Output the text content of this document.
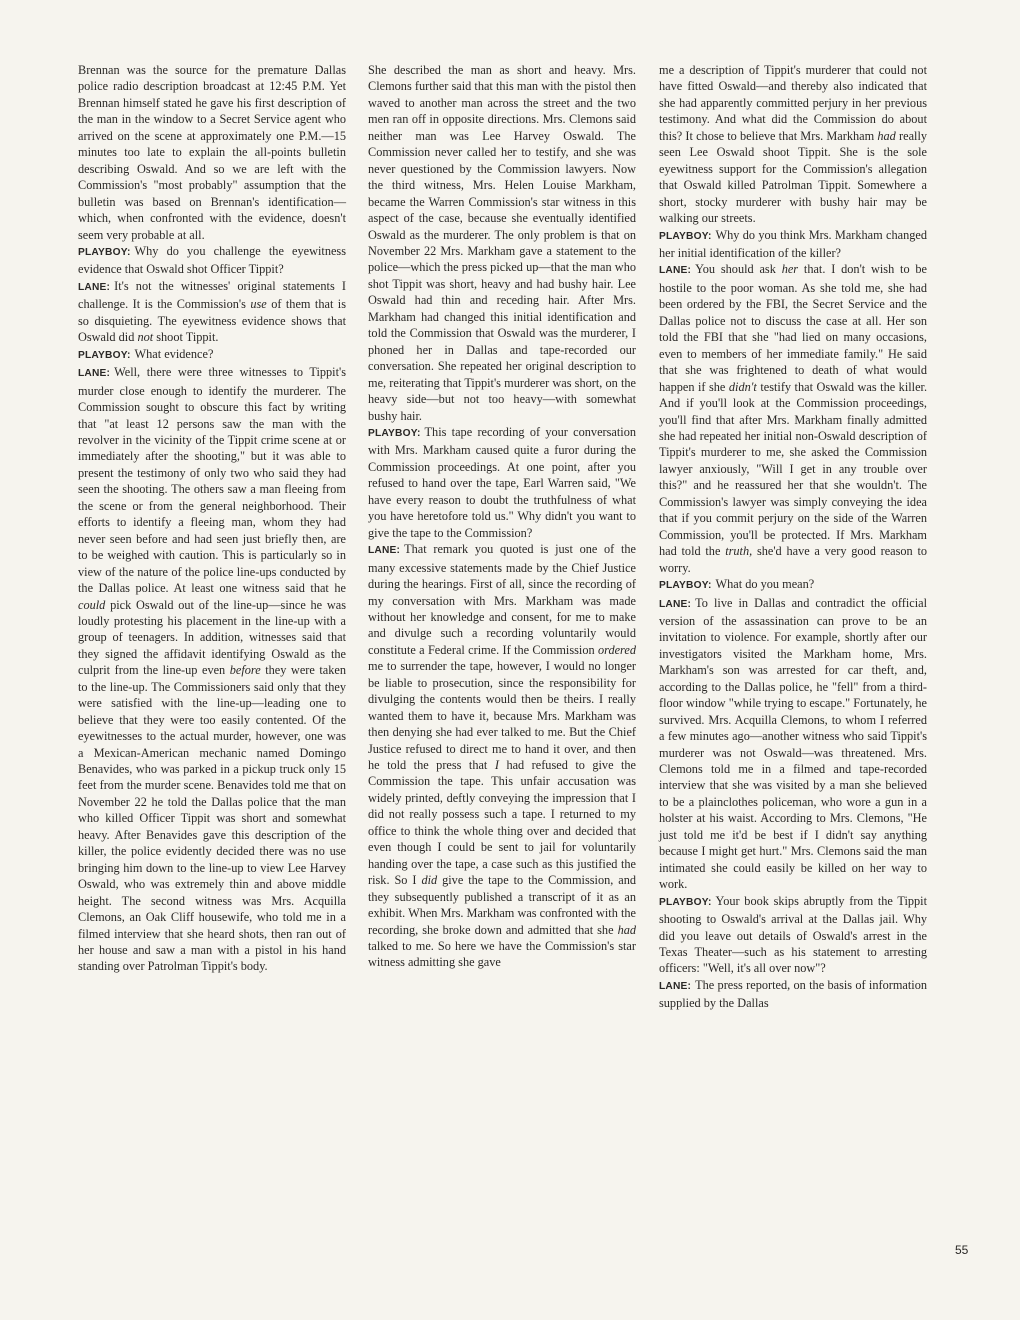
Brennan was the source for the premature Dallas police radio description broadcast at 12:45 P.M. Yet Brennan himself stated he gave his first description of the man in the window to a Secret Service agent who arrived on the scene at approximately one P.M.—15 minutes too late to explain the all-points bulletin describing Oswald. And so we are left with the Commission's "most probably" assumption that the bulletin was based on Brennan's identification—which, when confronted with the evidence, doesn't seem very probable at all.

PLAYBOY: Why do you challenge the eyewitness evidence that Oswald shot Officer Tippit?

LANE: It's not the witnesses' original statements I challenge. It is the Commission's use of them that is so disquieting. The eyewitness evidence shows that Oswald did not shoot Tippit.

PLAYBOY: What evidence?

LANE: Well, there were three witnesses to Tippit's murder close enough to identify the murderer. The Commission sought to obscure this fact by writing that "at least 12 persons saw the man with the revolver in the vicinity of the Tippit crime scene at or immediately after the shooting," but it was able to present the testimony of only two who said they had seen the shooting. The others saw a man fleeing from the scene or from the general neighborhood. Their efforts to identify a fleeing man, whom they had never seen before and had seen just briefly then, are to be weighed with caution. This is particularly so in view of the nature of the police line-ups conducted by the Dallas police. At least one witness said that he could pick Oswald out of the line-up—since he was loudly protesting his placement in the line-up with a group of teenagers. In addition, witnesses said that they signed the affidavit identifying Oswald as the culprit from the line-up even before they were taken to the line-up. The Commissioners said only that they were satisfied with the line-up—leading one to believe that they were too easily contented. Of the eyewitnesses to the actual murder, however, one was a Mexican-American mechanic named Domingo Benavides, who was parked in a pickup truck only 15 feet from the murder scene. Benavides told me that on November 22 he told the Dallas police that the man who killed Officer Tippit was short and somewhat heavy. After Benavides gave this description of the killer, the police evidently decided there was no use bringing him down to the line-up to view Lee Harvey Oswald, who was extremely thin and above middle height. The second witness was Mrs. Acquilla Clemons, an Oak Cliff housewife, who told me in a filmed interview that she heard shots, then ran out of her house and saw a man with a pistol in his hand standing over Patrolman Tippit's body.

She described the man as short and heavy. Mrs. Clemons further said that this man with the pistol then waved to another man across the street and the two men ran off in opposite directions. Mrs. Clemons said neither man was Lee Harvey Oswald. The Commission never called her to testify, and she was never questioned by the Commission lawyers. Now the third witness, Mrs. Helen Louise Markham, became the Warren Commission's star witness in this aspect of the case, because she eventually identified Oswald as the murderer. The only problem is that on November 22 Mrs. Markham gave a statement to the police—which the press picked up—that the man who shot Tippit was short, heavy and had bushy hair. Lee Oswald had thin and receding hair. After Mrs. Markham had changed this initial identification and told the Commission that Oswald was the murderer, I phoned her in Dallas and tape-recorded our conversation. She repeated her original description to me, reiterating that Tippit's murderer was short, on the heavy side—but not too heavy—with somewhat bushy hair.

PLAYBOY: This tape recording of your conversation with Mrs. Markham caused quite a furor during the Commission proceedings. At one point, after you refused to hand over the tape, Earl Warren said, "We have every reason to doubt the truthfulness of what you have heretofore told us." Why didn't you want to give the tape to the Commission?

LANE: That remark you quoted is just one of the many excessive statements made by the Chief Justice during the hearings. First of all, since the recording of my conversation with Mrs. Markham was made without her knowledge and consent, for me to make and divulge such a recording voluntarily would constitute a Federal crime. If the Commission ordered me to surrender the tape, however, I would no longer be liable to prosecution, since the responsibility for divulging the contents would then be theirs. I really wanted them to have it, because Mrs. Markham was then denying she had ever talked to me. But the Chief Justice refused to direct me to hand it over, and then he told the press that I had refused to give the Commission the tape. This unfair accusation was widely printed, deftly conveying the impression that I did not really possess such a tape. I returned to my office to think the whole thing over and decided that even though I could be sent to jail for voluntarily handing over the tape, a case such as this justified the risk. So I did give the tape to the Commission, and they subsequently published a transcript of it as an exhibit. When Mrs. Markham was confronted with the recording, she broke down and admitted that she had talked to me. So here we have the Commission's star witness admitting she gave

me a description of Tippit's murderer that could not have fitted Oswald—and thereby also indicated that she had apparently committed perjury in her previous testimony. And what did the Commission do about this? It chose to believe that Mrs. Markham had really seen Lee Oswald shoot Tippit. She is the sole eyewitness support for the Commission's allegation that Oswald killed Patrolman Tippit. Somewhere a short, stocky murderer with bushy hair may be walking our streets.

PLAYBOY: Why do you think Mrs. Markham changed her initial identification of the killer?

LANE: You should ask her that. I don't wish to be hostile to the poor woman. As she told me, she had been ordered by the FBI, the Secret Service and the Dallas police not to discuss the case at all. Her son told the FBI that she "had lied on many occasions, even to members of her immediate family." He said that she was frightened to death of what would happen if she didn't testify that Oswald was the killer. And if you'll look at the Commission proceedings, you'll find that after Mrs. Markham finally admitted she had repeated her initial non-Oswald description of Tippit's murderer to me, she asked the Commission lawyer anxiously, "Will I get in any trouble over this?" and he reassured her that she wouldn't. The Commission's lawyer was simply conveying the idea that if you commit perjury on the side of the Warren Commission, you'll be protected. If Mrs. Markham had told the truth, she'd have a very good reason to worry.

PLAYBOY: What do you mean?

LANE: To live in Dallas and contradict the official version of the assassination can prove to be an invitation to violence. For example, shortly after our investigators visited the Markham home, Mrs. Markham's son was arrested for car theft, and, according to the Dallas police, he "fell" from a third-floor window "while trying to escape." Fortunately, he survived. Mrs. Acquilla Clemons, to whom I referred a few minutes ago—another witness who said Tippit's murderer was not Oswald—was threatened. Mrs. Clemons told me in a filmed and tape-recorded interview that she was visited by a man she believed to be a plainclothes policeman, who wore a gun in a holster at his waist. According to Mrs. Clemons, "He just told me it'd be best if I didn't say anything because I might get hurt." Mrs. Clemons said the man intimated she could easily be killed on her way to work.

PLAYBOY: Your book skips abruptly from the Tippit shooting to Oswald's arrival at the Dallas jail. Why did you leave out details of Oswald's arrest in the Texas Theater—such as his statement to arresting officers: "Well, it's all over now"?

LANE: The press reported, on the basis of information supplied by the Dallas

55
